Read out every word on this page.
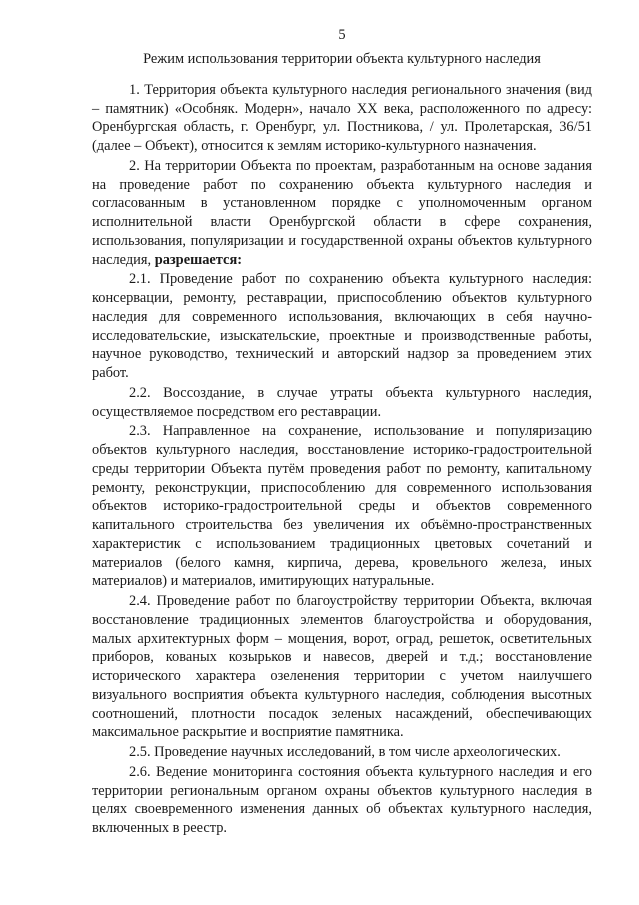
5
Режим использования территории объекта культурного наследия

1. Территория объекта культурного наследия регионального значения (вид – памятник) «Особняк. Модерн», начало XX века, расположенного по адресу: Оренбургская область, г. Оренбург, ул. Постникова, / ул. Пролетарская, 36/51 (далее – Объект), относится к землям историко-культурного назначения.

2. На территории Объекта по проектам, разработанным на основе задания на проведение работ по сохранению объекта культурного наследия и согласованным в установленном порядке с уполномоченным органом исполнительной власти Оренбургской области в сфере сохранения, использования, популяризации и государственной охраны объектов культурного наследия, разрешается:

2.1. Проведение работ по сохранению объекта культурного наследия: консервации, ремонту, реставрации, приспособлению объектов культурного наследия для современного использования, включающих в себя научно-исследовательские, изыскательские, проектные и производственные работы, научное руководство, технический и авторский надзор за проведением этих работ.

2.2. Воссоздание, в случае утраты объекта культурного наследия, осуществляемое посредством его реставрации.

2.3. Направленное на сохранение, использование и популяризацию объектов культурного наследия, восстановление историко-градостроительной среды территории Объекта путём проведения работ по ремонту, капитальному ремонту, реконструкции, приспособлению для современного использования объектов историко-градостроительной среды и объектов современного капитального строительства без увеличения их объёмно-пространственных характеристик с использованием традиционных цветовых сочетаний и материалов (белого камня, кирпича, дерева, кровельного железа, иных материалов) и материалов, имитирующих натуральные.

2.4. Проведение работ по благоустройству территории Объекта, включая восстановление традиционных элементов благоустройства и оборудования, малых архитектурных форм – мощения, ворот, оград, решеток, осветительных приборов, кованых козырьков и навесов, дверей и т.д.; восстановление исторического характера озеленения территории с учетом наилучшего визуального восприятия объекта культурного наследия, соблюдения высотных соотношений, плотности посадок зеленых насаждений, обеспечивающих максимальное раскрытие и восприятие памятника.

2.5. Проведение научных исследований, в том числе археологических.

2.6. Ведение мониторинга состояния объекта культурного наследия и его территории региональным органом охраны объектов культурного наследия в целях своевременного изменения данных об объектах культурного наследия, включенных в реестр.
